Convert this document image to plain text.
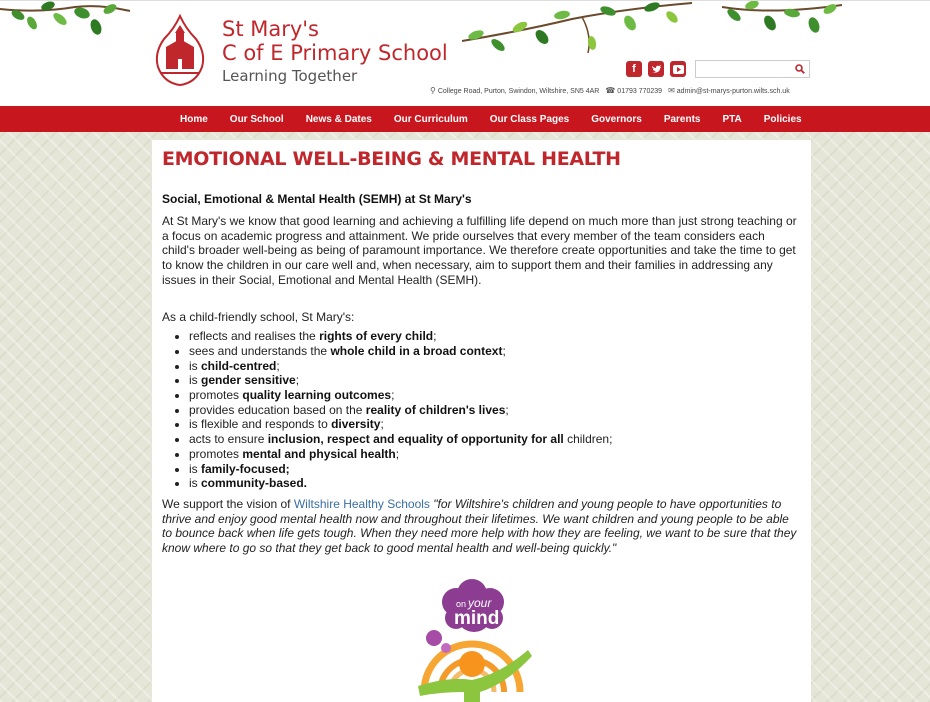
St Mary's
C of E Primary School
Learning Together	f
⚲ College Road, Purton, Swindon, Wiltshire, SN5 4AR ☎ 01793 770239 ✉ admin@st-marys-purton.wilts.sch.uk
Home	Our School	News & Dates	Our Curriculum	Our Class Pages	Governors	Parents	PTA	Policies
EMOTIONAL WELL-BEING & MENTAL HEALTH
Social, Emotional & Mental Health (SEMH) at St Mary's

At St Mary's we know that good learning and achieving a fulfilling life depend on much more than just strong teaching or a focus on academic progress and attainment. We pride ourselves that every member of the team considers each child's broader well-being as being of paramount importance. We therefore create opportunities and take the time to get to know the children in our care well and, when necessary, aim to support them and their families in addressing any issues in their Social, Emotional and Mental Health (SEMH).

As a child-friendly school, St Mary's:

• reflects and realises the rights of every child;
• sees and understands the whole child in a broad context;
• is child-centred;
• is gender sensitive;
• promotes quality learning outcomes;
• provides education based on the reality of children's lives;
• is flexible and responds to diversity;
• acts to ensure inclusion, respect and equality of opportunity for all children;
• promotes mental and physical health;
• is family-focused;
• is community-based.

We support the vision of Wiltshire Healthy Schools "for Wiltshire's children and young people to have opportunities to thrive and enjoy good mental health now and throughout their lifetimes. We want children and young people to be able to bounce back when life gets tough. When they need more help with how they are feeling, we want to be sure that they know where to go so that they get back to good mental health and well-being quickly."

on your
mind
